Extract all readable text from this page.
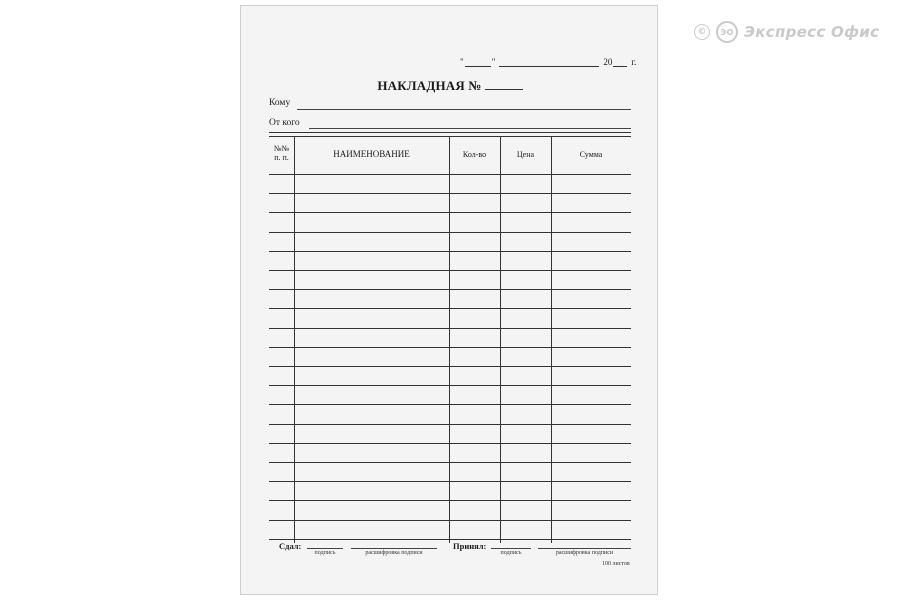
©	ЭО Экспресс Офис
"	"	20 г.
НАКЛАДНАЯ №
Кому
От кого
№№
п. п.	НАИМЕНОВАНИЕ	Кол-во	Цена	Сумма
Сдал:
подпись	расшифровка подписи
Принял:
подпись	расшифровка подписи
100 листов
